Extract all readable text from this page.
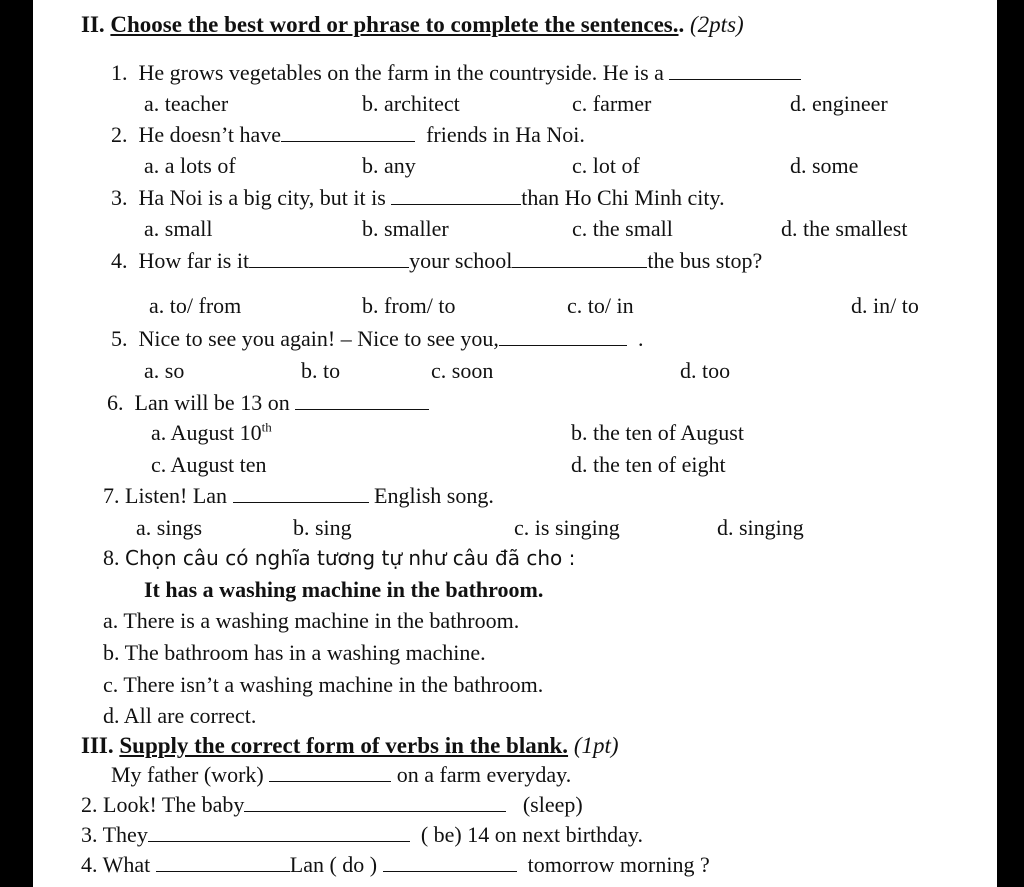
II. Choose the best word or phrase to complete the sentences.. (2pts)
1. He grows vegetables on the farm in the countryside. He is a
a. teacher	b. architect	c. farmer	d. engineer
2. He doesn’t have	friends in Ha Noi.
a. a lots of	b. any	c. lot of	d. some
3.  Ha Noi is a big city, but it is	than Ho Chi Minh city.
a. small	b. smaller	c. the small	d. the smallest
4. How far is it	your school	the bus stop?
a. to/ from	b. from/ to	c. to/ in	d. in/ to
5. Nice to see you again! – Nice to see you,	.
a. so	b. to	c. soon	d. too
6. Lan will be 13 on
a. August 10th	b. the ten of August
c. August ten	d. the ten of eight
7. Listen! Lan	English song.
a. sings	b. sing	c. is singing	d. singing
8. Chọn câu có nghĩa tương tự như câu đã cho :
It has a washing machine in the bathroom.
a. There is a washing machine in the bathroom.
b. The bathroom has in a washing machine.
c. There isn’t a washing machine in the bathroom.
d. All are correct.
III. Supply the correct form of verbs in the blank. (1pt)
My father (work)	on a farm everyday.
2. Look! The baby	(sleep)
3. They	( be) 14 on next birthday.
4. What	Lan ( do )	tomorrow morning ?
